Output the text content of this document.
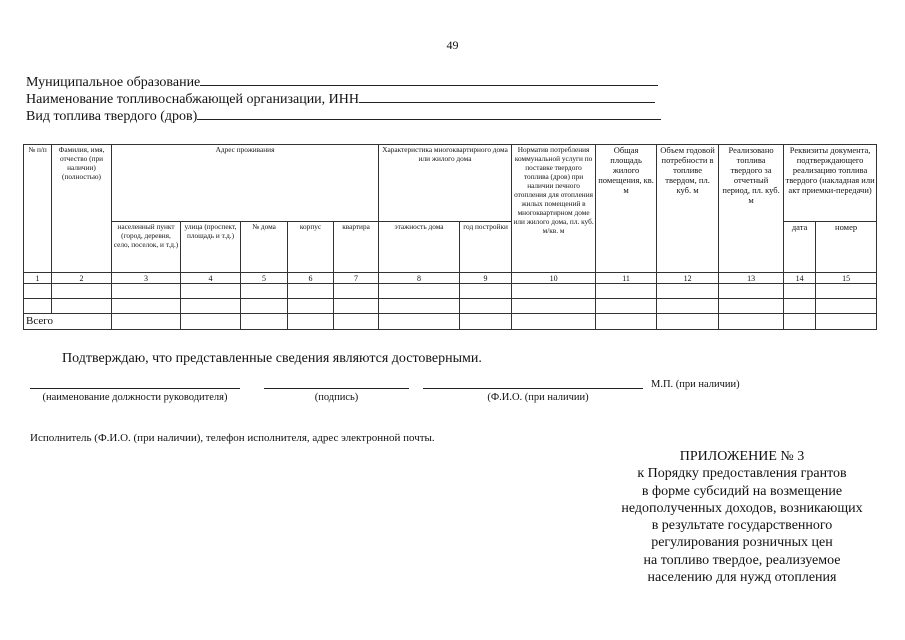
49
Муниципальное образование
Наименование топливоснабжающей организации, ИНН
Вид топлива твердого (дров)
№ п/п	Фамилия, имя, отчество (при наличии) (полностью)	Адрес проживания					Характеристика многоквартирного дома или жилого дома		Норматив потребления коммунальной услуги по поставке твердого топлива (дров) при наличии печного отопления для отопления жилых помещений в многоквартирном доме или жилого дома, пл. куб. м/кв. м	Общая площадь жилого помещения, кв. м	Объем годовой потребности в топливе твердом, пл. куб. м	Реализовано топлива твердого за отчетный период, пл. куб. м	Реквизиты документа, подтверждающего реализацию топлива твердого (накладная или акт приемки-передачи)	
		населенный пункт (город, деревня, село, поселок, и т.д.)	улица (проспект, площадь и т.д.)	№ дома	корпус	квартира	этажность дома	год постройки					дата	номер
1	2	3	4	5	6	7	8	9	10	11	12	13	14	15

Всего														
Подтверждаю, что представленные сведения являются достоверными.
М.П. (при наличии)
(наименование должности руководителя)	(подпись)	(Ф.И.О. (при наличии)
Исполнитель (Ф.И.О. (при наличии), телефон исполнителя, адрес электронной почты.
ПРИЛОЖЕНИЕ № 3
к Порядку предоставления грантов
в форме субсидий на возмещение
недополученных доходов, возникающих
в результате государственного
регулирования розничных цен
на топливо твердое, реализуемое
населению для нужд отопления
